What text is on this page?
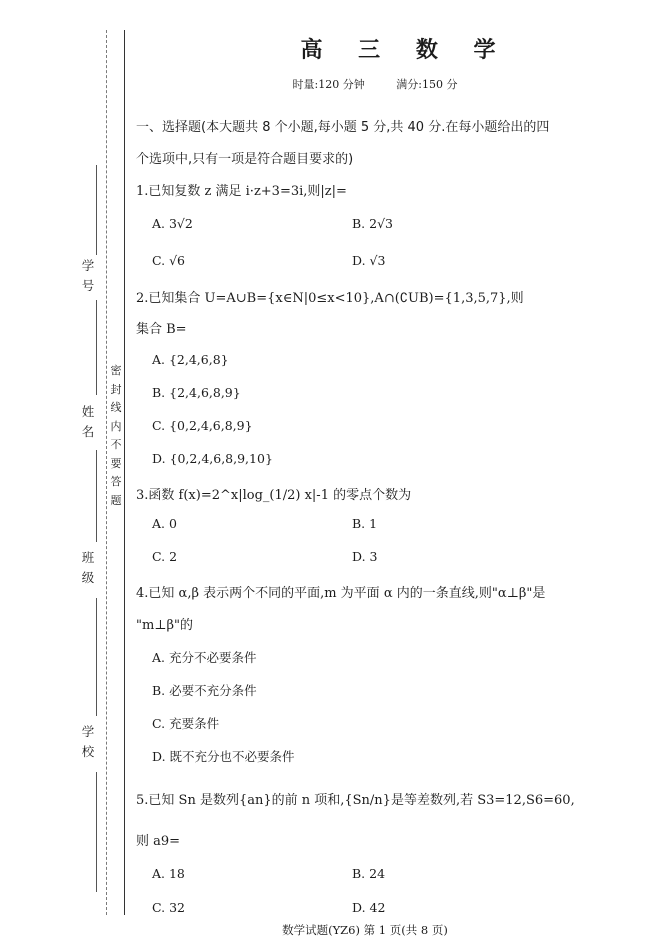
学
号
姓
名
班
级
学
校
密
封
线
内
不
要
答
题
高 三 数 学
时量:120 分钟	满分:150 分
一、选择题(本大题共 8 个小题,每小题 5 分,共 40 分.在每小题给出的四
个选项中,只有一项是符合题目要求的)
1.已知复数 z 满足 i·z+3=3i,则|z|=
A. 3√2	B. 2√3
C. √6	D. √3
2.已知集合 U=A∪B={x∈N|0≤x<10},A∩(∁UB)={1,3,5,7},则
集合 B=
A. {2,4,6,8}
B. {2,4,6,8,9}
C. {0,2,4,6,8,9}
D. {0,2,4,6,8,9,10}
3.函数 f(x)=2^x|log_(1/2) x|-1 的零点个数为
A. 0	B. 1
C. 2	D. 3
4.已知 α,β 表示两个不同的平面,m 为平面 α 内的一条直线,则"α⊥β"是
"m⊥β"的
A. 充分不必要条件
B. 必要不充分条件
C. 充要条件
D. 既不充分也不必要条件
5.已知 Sn 是数列{an}的前 n 项和,{Sn/n}是等差数列,若 S3=12,S6=60,
则 a9=
A. 18	B. 24
C. 32	D. 42
数学试题(YZ6) 第 1 页(共 8 页)
